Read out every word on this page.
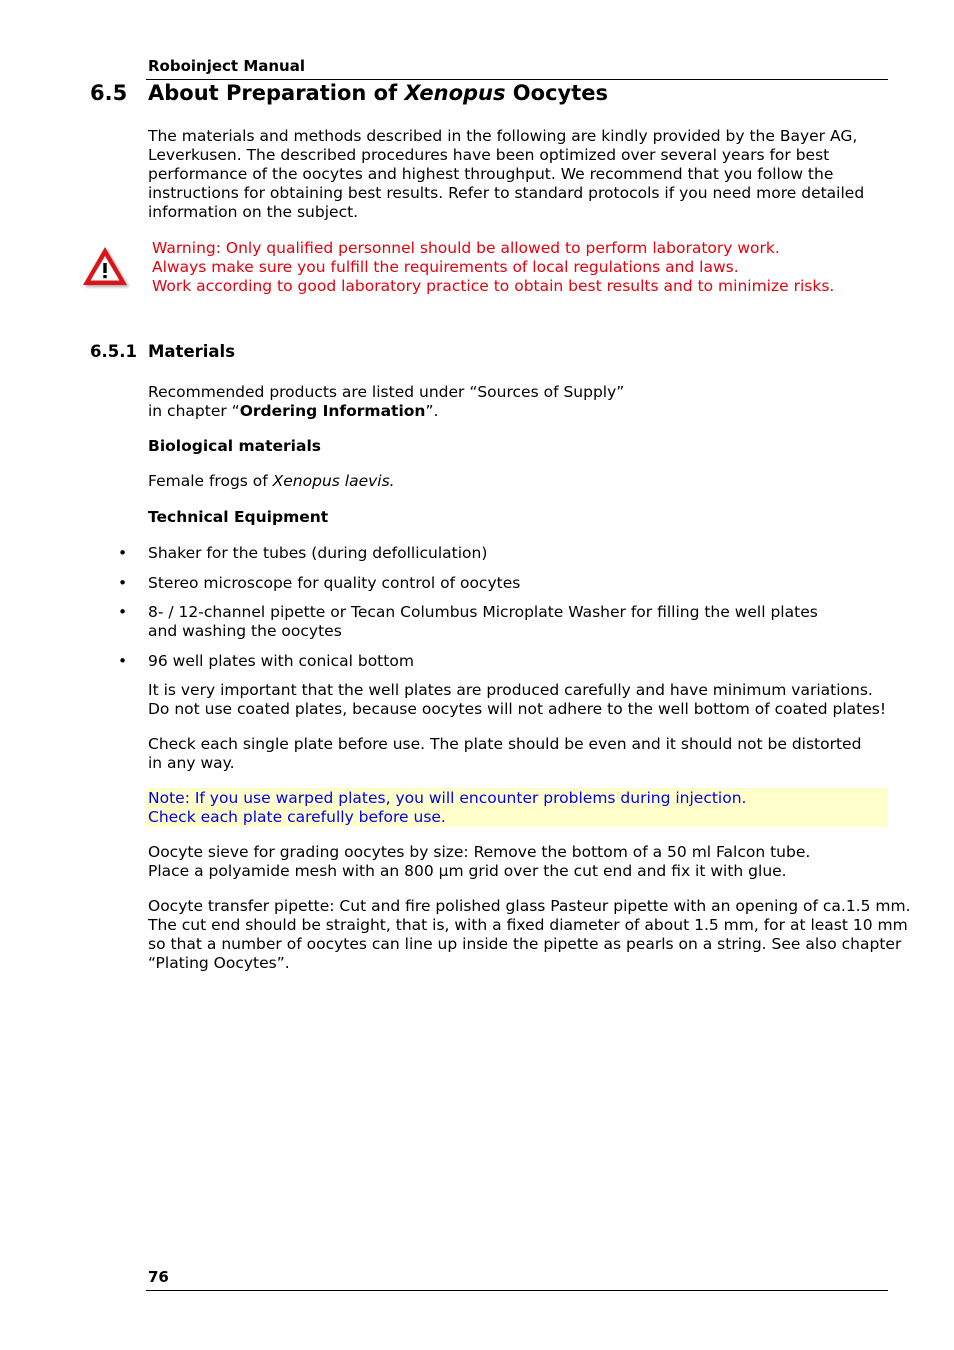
Roboinject Manual
6.5 About Preparation of Xenopus Oocytes
The materials and methods described in the following are kindly provided by the Bayer AG,
Leverkusen. The described procedures have been optimized over several years for best
performance of the oocytes and highest throughput. We recommend that you follow the
instructions for obtaining best results. Refer to standard protocols if you need more detailed
information on the subject.
Warning: Only qualified personnel should be allowed to perform laboratory work.
Always make sure you fulfill the requirements of local regulations and laws.
Work according to good laboratory practice to obtain best results and to minimize risks.
6.5.1 Materials
Recommended products are listed under “Sources of Supply”
in chapter “Ordering Information”.
Biological materials
Female frogs of Xenopus laevis.
Technical Equipment
• Shaker for the tubes (during defolliculation)
• Stereo microscope for quality control of oocytes
• 8- / 12-channel pipette or Tecan Columbus Microplate Washer for filling the well plates
and washing the oocytes
• 96 well plates with conical bottom
It is very important that the well plates are produced carefully and have minimum variations.
Do not use coated plates, because oocytes will not adhere to the well bottom of coated plates!
Check each single plate before use. The plate should be even and it should not be distorted
in any way.
Note: If you use warped plates, you will encounter problems during injection.
Check each plate carefully before use.
Oocyte sieve for grading oocytes by size: Remove the bottom of a 50 ml Falcon tube.
Place a polyamide mesh with an 800 µm grid over the cut end and fix it with glue.
Oocyte transfer pipette: Cut and fire polished glass Pasteur pipette with an opening of ca.1.5 mm.
The cut end should be straight, that is, with a fixed diameter of about 1.5 mm, for at least 10 mm
so that a number of oocytes can line up inside the pipette as pearls on a string. See also chapter
“Plating Oocytes”.
76
